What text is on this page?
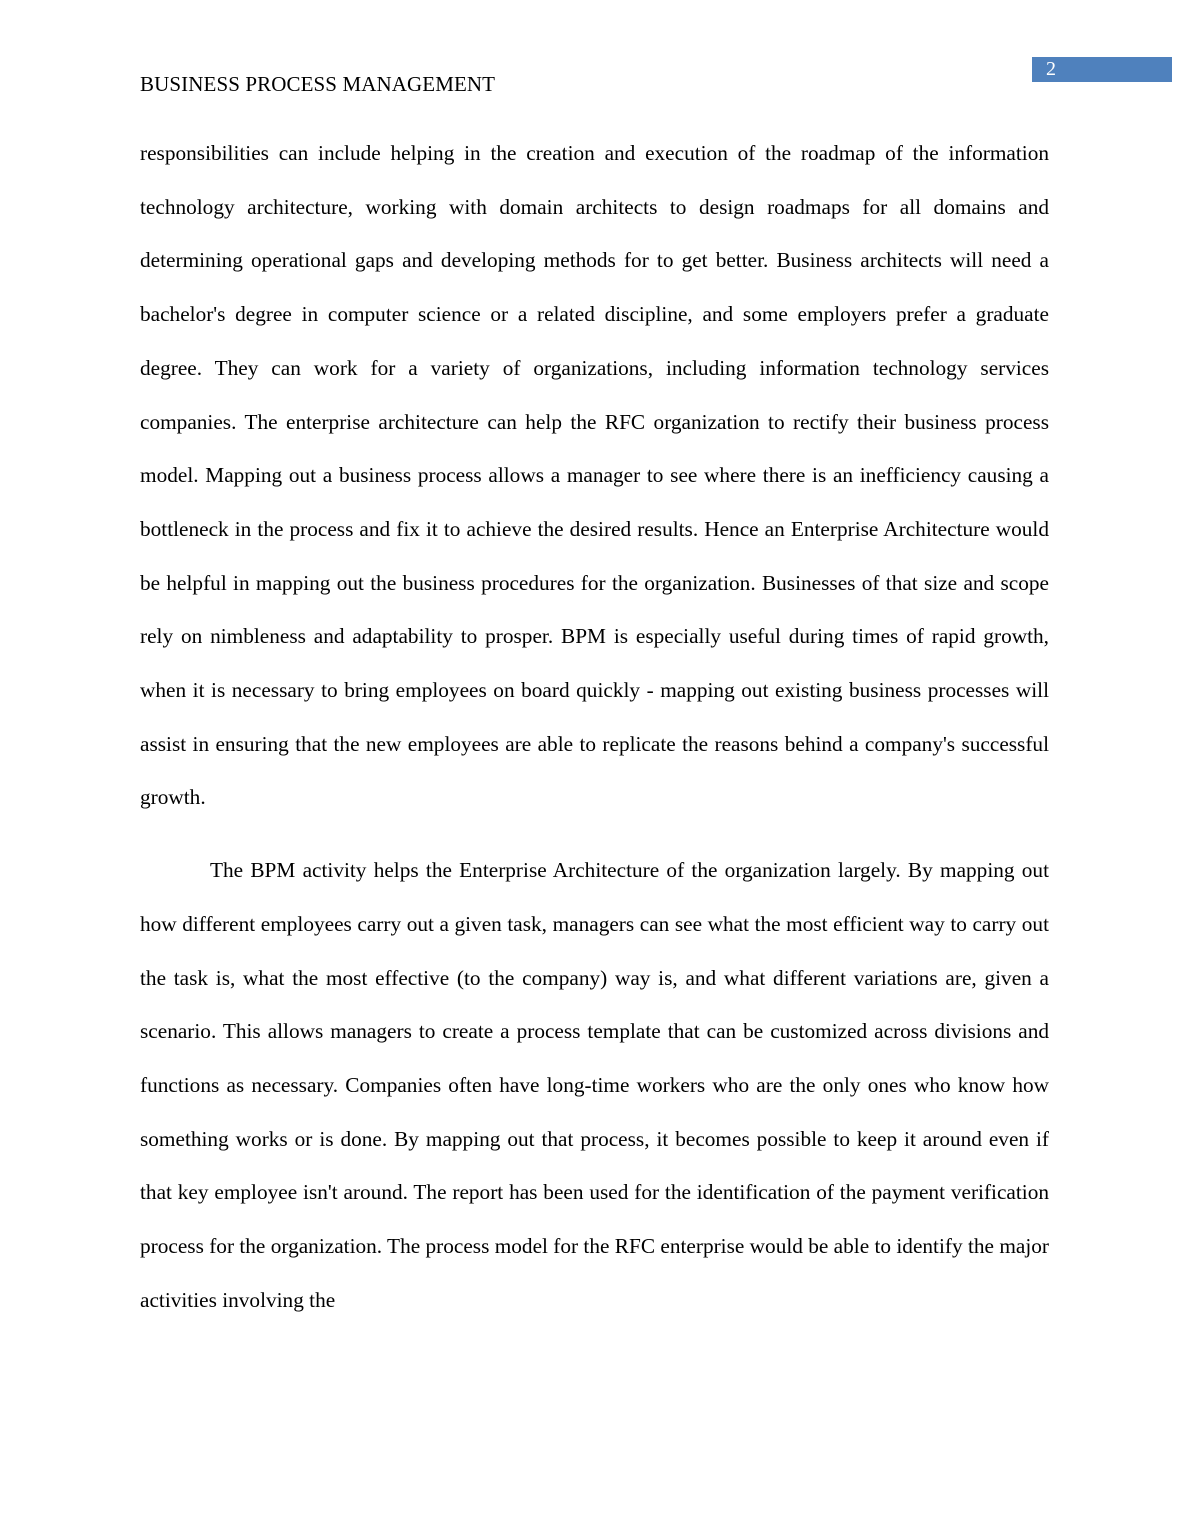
2
BUSINESS PROCESS MANAGEMENT

responsibilities can include helping in the creation and execution of the roadmap of the information technology architecture, working with domain architects to design roadmaps for all domains and determining operational gaps and developing methods for to get better. Business architects will need a bachelor's degree in computer science or a related discipline, and some employers prefer a graduate degree. They can work for a variety of organizations, including information technology services companies. The enterprise architecture can help the RFC organization to rectify their business process model. Mapping out a business process allows a manager to see where there is an inefficiency causing a bottleneck in the process and fix it to achieve the desired results. Hence an Enterprise Architecture would be helpful in mapping out the business procedures for the organization. Businesses of that size and scope rely on nimbleness and adaptability to prosper. BPM is especially useful during times of rapid growth, when it is necessary to bring employees on board quickly - mapping out existing business processes will assist in ensuring that the new employees are able to replicate the reasons behind a company's successful growth.

The BPM activity helps the Enterprise Architecture of the organization largely. By mapping out how different employees carry out a given task, managers can see what the most efficient way to carry out the task is, what the most effective (to the company) way is, and what different variations are, given a scenario. This allows managers to create a process template that can be customized across divisions and functions as necessary. Companies often have long-time workers who are the only ones who know how something works or is done. By mapping out that process, it becomes possible to keep it around even if that key employee isn't around. The report has been used for the identification of the payment verification process for the organization. The process model for the RFC enterprise would be able to identify the major activities involving the
